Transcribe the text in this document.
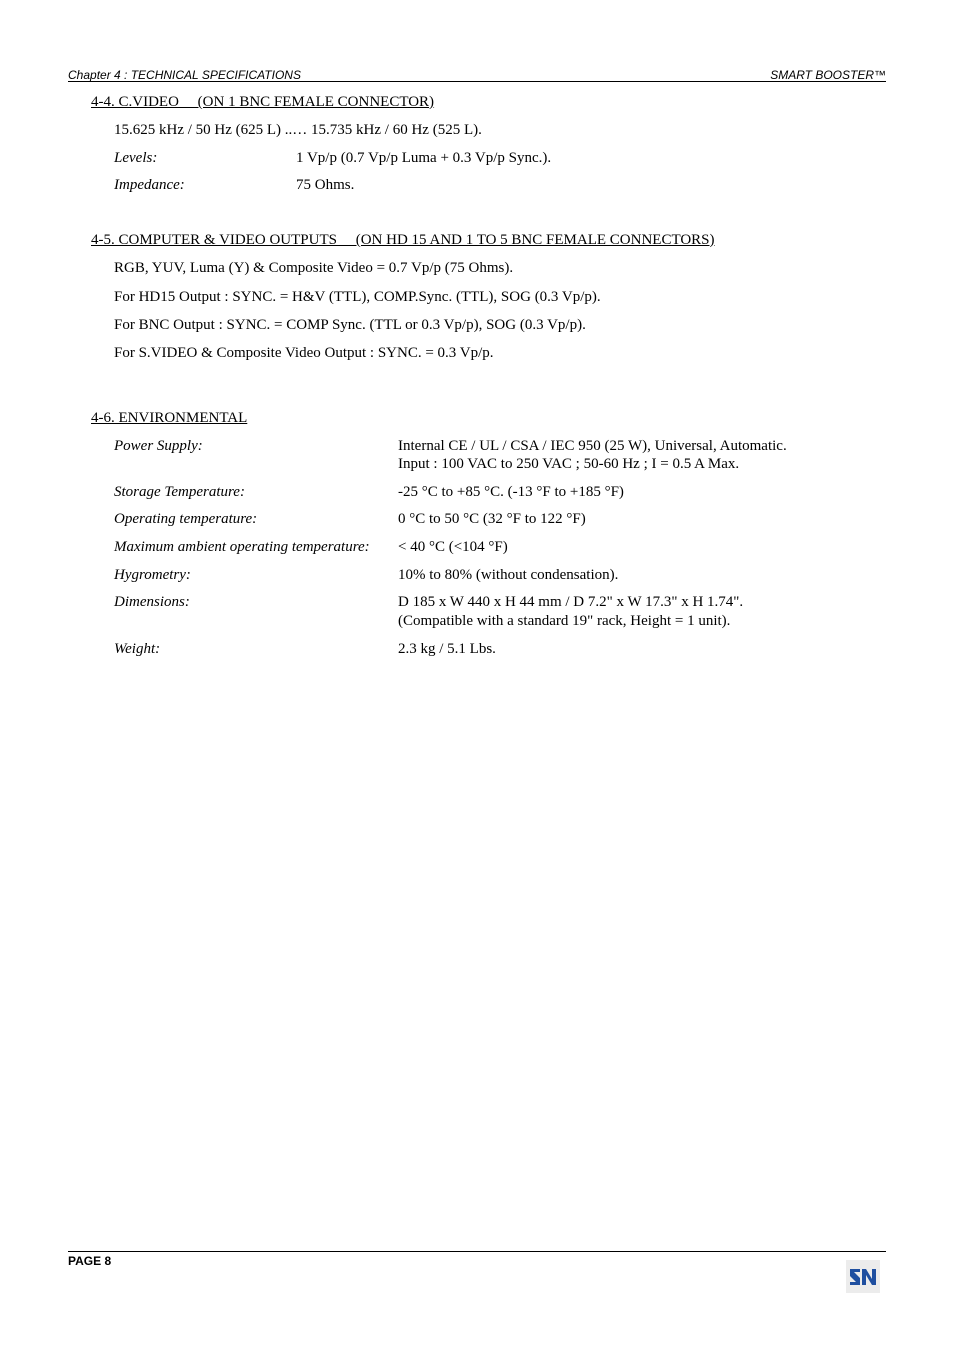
Chapter 4 : TECHNICAL SPECIFICATIONS	SMART BOOSTER™
4-4. C.VIDEO     (ON 1 BNC FEMALE CONNECTOR)
15.625 kHz / 50 Hz (625 L) ..… 15.735 kHz / 60 Hz (525 L).
Levels:	1 Vp/p (0.7 Vp/p Luma + 0.3 Vp/p Sync.).
Impedance:	75 Ohms.
4-5. COMPUTER & VIDEO OUTPUTS     (ON HD 15 AND 1 TO 5 BNC FEMALE CONNECTORS)
RGB, YUV, Luma (Y) & Composite Video = 0.7 Vp/p (75 Ohms).
For HD15 Output : SYNC. = H&V (TTL), COMP.Sync. (TTL), SOG (0.3 Vp/p).
For BNC Output : SYNC. = COMP Sync. (TTL or 0.3 Vp/p), SOG (0.3 Vp/p).
For S.VIDEO & Composite Video Output : SYNC. = 0.3 Vp/p.
4-6. ENVIRONMENTAL
Power Supply:	Internal CE / UL / CSA / IEC 950 (25 W), Universal, Automatic.
Input : 100 VAC to 250 VAC ; 50-60 Hz ; I = 0.5 A Max.
Storage Temperature:	-25 °C to +85 °C. (-13 °F to +185 °F)
Operating temperature:	0 °C to 50 °C (32 °F to 122 °F)
Maximum ambient operating temperature: < 40 °C (<104 °F)
Hygrometry:	10% to 80% (without condensation).
Dimensions:	D 185 x W 440 x H 44 mm / D 7.2" x W 17.3" x H 1.74".
(Compatible with a standard 19" rack, Height = 1 unit).
Weight:	2.3 kg / 5.1 Lbs.
PAGE 8
